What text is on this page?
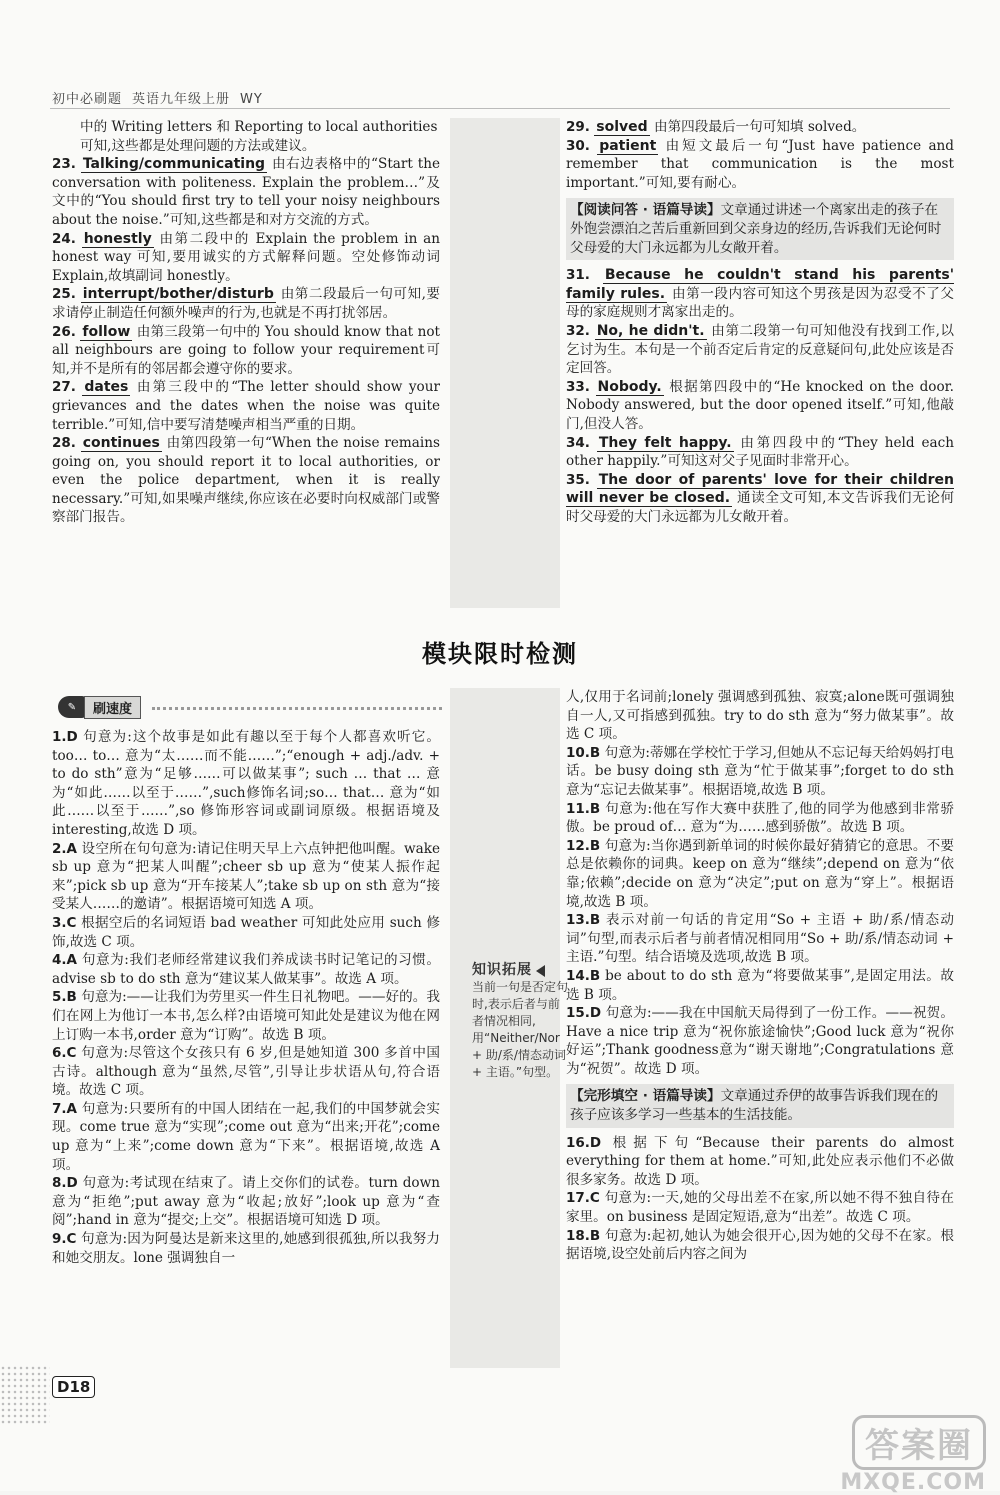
初中必刷题 英语九年级上册 WY

中的 Writing letters 和 Reporting to local authorities

可知,这些都是处理问题的方法或建议。

23. Talking/communicating 由右边表格中的“Start the conversation with politeness. Explain the problem…”及文中的“You should first try to tell your noisy neighbours about the noise.”可知,这些都是和对方交流的方式。

24. honestly 由第二段中的 Explain the problem in an honest way 可知,要用诚实的方式解释问题。空处修饰动词 Explain,故填副词 honestly。

25. interrupt/bother/disturb 由第二段最后一句可知,要求请停止制造任何额外噪声的行为,也就是不再打扰邻居。

26. follow 由第三段第一句中的 You should know that not all neighbours are going to follow your requirement可知,并不是所有的邻居都会遵守你的要求。

27. dates 由第三段中的“The letter should show your grievances and the dates when the noise was quite terrible.”可知,信中要写清楚噪声相当严重的日期。

28. continues 由第四段第一句“When the noise remains going on, you should report it to local authorities, or even the police department, when it is really necessary.”可知,如果噪声继续,你应该在必要时向权威部门或警察部门报告。

29. solved 由第四段最后一句可知填 solved。

30. patient 由短文最后一句“Just have patience and remember that communication is the most important.”可知,要有耐心。

【阅读问答 · 语篇导读】文章通过讲述一个离家出走的孩子在外饱尝漂泊之苦后重新回到父亲身边的经历,告诉我们无论何时父母爱的大门永远都为儿女敞开着。

31. Because he couldn't stand his parents' family rules. 由第一段内容可知这个男孩是因为忍受不了父母的家庭规则才离家出走的。

32. No, he didn't. 由第二段第一句可知他没有找到工作,以乞讨为生。本句是一个前否定后肯定的反意疑问句,此处应该是否定回答。

33. Nobody. 根据第四段中的“He knocked on the door. Nobody answered, but the door opened itself.”可知,他敲门,但没人答。

34. They felt happy. 由第四段中的“They held each other happily.”可知这对父子见面时非常开心。

35. The door of parents' love for their children will never be closed. 通读全文可知,本文告诉我们无论何时父母爱的大门永远都为儿女敞开着。

模块限时检测
✎	刷速度

1.D 句意为:这个故事是如此有趣以至于每个人都喜欢听它。too… to… 意为“太……而不能……”;“enough + adj./adv. + to do sth”意为“足够……可以做某事”; such … that … 意为“如此……以至于……”,such修饰名词;so… that… 意为“如此……以至于……”,so 修饰形容词或副词原级。根据语境及 interesting,故选 D 项。

2.A 设空所在句句意为:请记住明天早上六点钟把他叫醒。wake sb up 意为“把某人叫醒”;cheer sb up 意为“使某人振作起来”;pick sb up 意为“开车接某人”;take sb up on sth 意为“接受某人……的邀请”。根据语境可知选 A 项。

3.C 根据空后的名词短语 bad weather 可知此处应用 such 修饰,故选 C 项。

4.A 句意为:我们老师经常建议我们养成读书时记笔记的习惯。advise sb to do sth 意为“建议某人做某事”。故选 A 项。

5.B 句意为:——让我们为劳里买一件生日礼物吧。——好的。我们在网上为他订一本书,怎么样?由语境可知此处是建议为他在网上订购一本书,order 意为“订购”。故选 B 项。

6.C 句意为:尽管这个女孩只有 6 岁,但是她知道 300 多首中国古诗。although 意为“虽然,尽管”,引导让步状语从句,符合语境。故选 C 项。

7.A 句意为:只要所有的中国人团结在一起,我们的中国梦就会实现。come true 意为“实现”;come out 意为“出来;开花”;come up 意为“上来”;come down 意为“下来”。根据语境,故选 A 项。

8.D 句意为:考试现在结束了。请上交你们的试卷。turn down 意为“拒绝”;put away 意为“收起;放好”;look up 意为“查阅”;hand in 意为“提交;上交”。根据语境可知选 D 项。

9.C 句意为:因为阿曼达是新来这里的,她感到很孤独,所以我努力和她交朋友。lone 强调独自一

知识拓展
当前一句是否定句时,表示后者与前者情况相同,用“Neither/Nor + 助/系/情态动词 + 主语。”句型。

人,仅用于名词前;lonely 强调感到孤独、寂寞;alone既可强调独自一人,又可指感到孤独。try to do sth 意为“努力做某事”。故选 C 项。

10.B 句意为:蒂娜在学校忙于学习,但她从不忘记每天给妈妈打电话。be busy doing sth 意为“忙于做某事”;forget to do sth 意为“忘记去做某事”。根据语境,故选 B 项。

11.B 句意为:他在写作大赛中获胜了,他的同学为他感到非常骄傲。be proud of… 意为“为……感到骄傲”。故选 B 项。

12.B 句意为:当你遇到新单词的时候你最好猜猜它的意思。不要总是依赖你的词典。keep on 意为“继续”;depend on 意为“依靠;依赖”;decide on 意为“决定”;put on 意为“穿上”。根据语境,故选 B 项。

13.B 表示对前一句话的肯定用“So + 主语 + 助/系/情态动词”句型,而表示后者与前者情况相同用“So + 助/系/情态动词 + 主语.”句型。结合语境及选项,故选 B 项。

14.B be about to do sth 意为“将要做某事”,是固定用法。故选 B 项。

15.D 句意为:——我在中国航天局得到了一份工作。——祝贺。Have a nice trip 意为“祝你旅途愉快”;Good luck 意为“祝你好运”;Thank goodness意为“谢天谢地”;Congratulations 意为“祝贺”。故选 D 项。

【完形填空 · 语篇导读】文章通过乔伊的故事告诉我们现在的孩子应该多学习一些基本的生活技能。

16.D 根据下句“Because their parents do almost everything for them at home.”可知,此处应表示他们不必做很多家务。故选 D 项。

17.C 句意为:一天,她的父母出差不在家,所以她不得不独自待在家里。on business 是固定短语,意为“出差”。故选 C 项。

18.B 句意为:起初,她认为她会很开心,因为她的父母不在家。根据语境,设空处前后内容之间为

D18
答案圈
MXQE.COM
